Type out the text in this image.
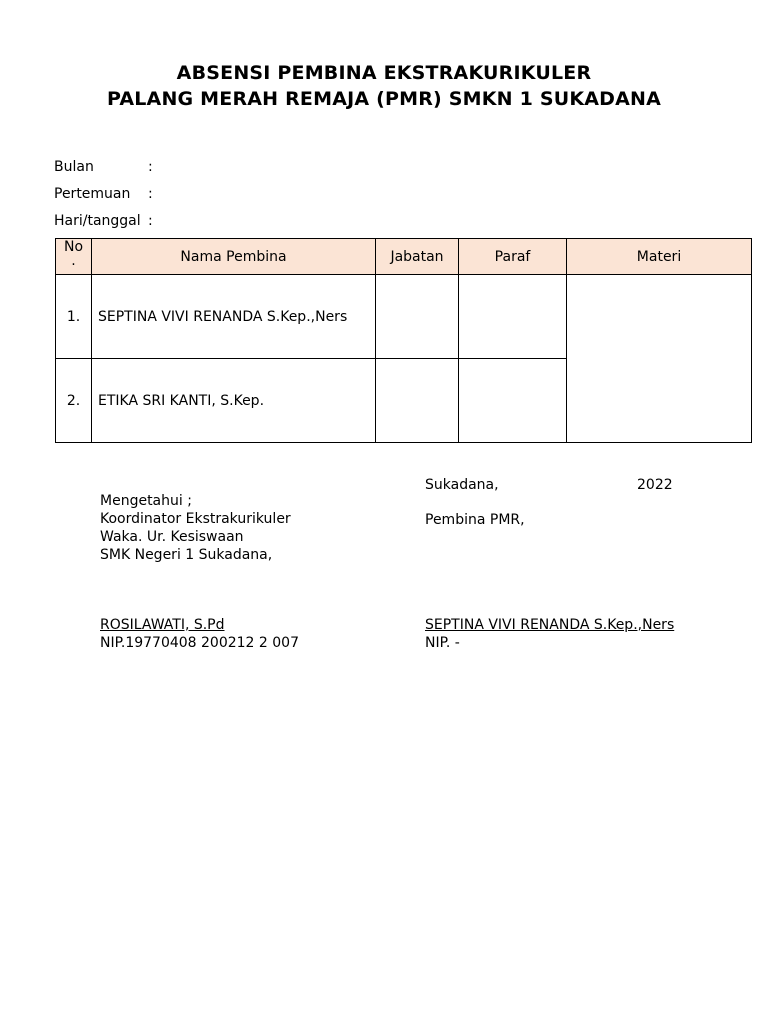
ABSENSI PEMBINA EKSTRAKURIKULER
PALANG MERAH REMAJA (PMR) SMKN 1 SUKADANA
Bulan	:
Pertemuan :
Hari/tanggal :
No
.	Nama Pembina	Jabatan	Paraf	Materi
1.	SEPTINA VIVI RENANDA S.Kep.,Ners			
2.	ETIKA SRI KANTI, S.Kep.			
Sukadana,	2022
Mengetahui ;
Koordinator Ekstrakurikuler
Waka. Ur. Kesiswaan
SMK Negeri 1 Sukadana,
Pembina PMR,
ROSILAWATI, S.Pd
NIP.19770408 200212 2 007
SEPTINA VIVI RENANDA S.Kep.,Ners
NIP. -
